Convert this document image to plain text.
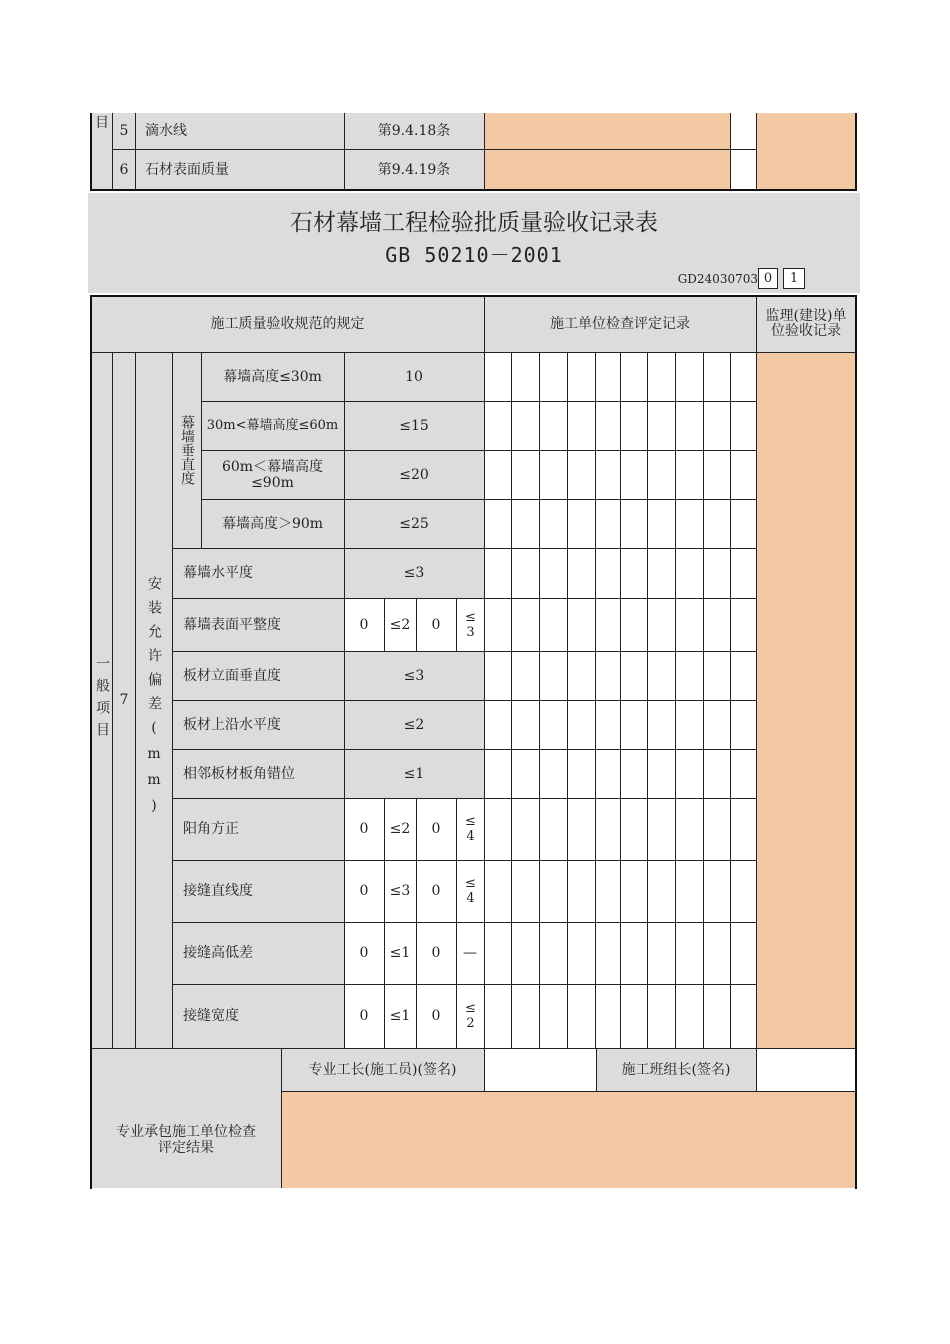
目 5	滴水线	第9.4.18条
6	石材表面质量	第9.4.19条
石材幕墙工程检验批质量验收记录表
GB 50210－2001
GD24030703 0	1
施工质量验收规范的规定	施工单位检查评定记录	监理(建设)单位验收记录
一般项目 7	安装允许偏差(mm)
幕墙垂直度
幕墙高度≤30m	10
30m<幕墙高度≤60m	≤15
60m＜幕墙高度≤90m	≤20
幕墙高度＞90m	≤25
幕墙水平度	≤3
幕墙表面平整度	0	≤2	0	≤3
板材立面垂直度	≤3
板材上沿水平度	≤2
相邻板材板角错位	≤1
阳角方正	0	≤2	0	≤4
接缝直线度	0	≤3	0	≤4
接缝高低差	0	≤1	0	—
接缝宽度	0	≤1	0	≤2
专业工长(施工员)(签名)	施工班组长(签名)
专业承包施工单位检查评定结果
